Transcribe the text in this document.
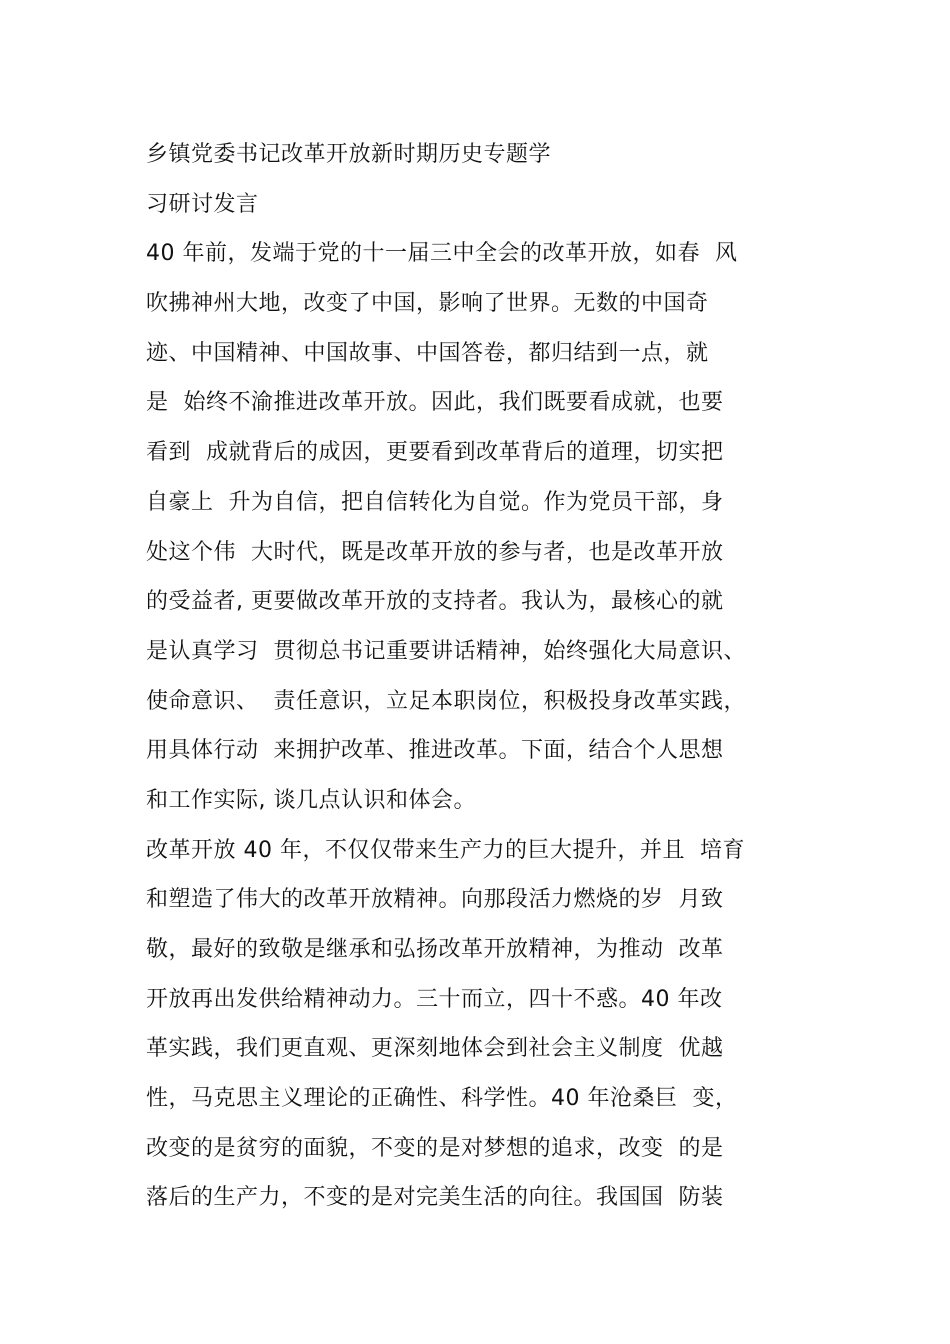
乡镇党委书记改革开放新时期历史专题学
习研讨发言
40 年前，发端于党的十一届三中全会的改革开放，如春  风
吹拂神州大地，改变了中国，影响了世界。无数的中国奇
迹、中国精神、中国故事、中国答卷，都归结到一点，就
是  始终不渝推进改革开放。因此，我们既要看成就，也要
看到  成就背后的成因，更要看到改革背后的道理，切实把
自豪上  升为自信，把自信转化为自觉。作为党员干部，身
处这个伟  大时代，既是改革开放的参与者，也是改革开放
的受益者, 更要做改革开放的支持者。我认为，最核心的就
是认真学习  贯彻总书记重要讲话精神，始终强化大局意识、
使命意识、  责任意识，立足本职岗位，积极投身改革实践，
用具体行动  来拥护改革、推进改革。下面，结合个人思想
和工作实际, 谈几点认识和体会。
改革开放 40 年，不仅仅带来生产力的巨大提升，并且  培育
和塑造了伟大的改革开放精神。向那段活力燃烧的岁  月致
敬，最好的致敬是继承和弘扬改革开放精神，为推动  改革
开放再出发供给精神动力。三十而立，四十不惑。40 年改
革实践，我们更直观、更深刻地体会到社会主义制度  优越
性，马克思主义理论的正确性、科学性。40 年沧桑巨  变，
改变的是贫穷的面貌，不变的是对梦想的追求，改变  的是
落后的生产力，不变的是对完美生活的向往。我国国  防装
